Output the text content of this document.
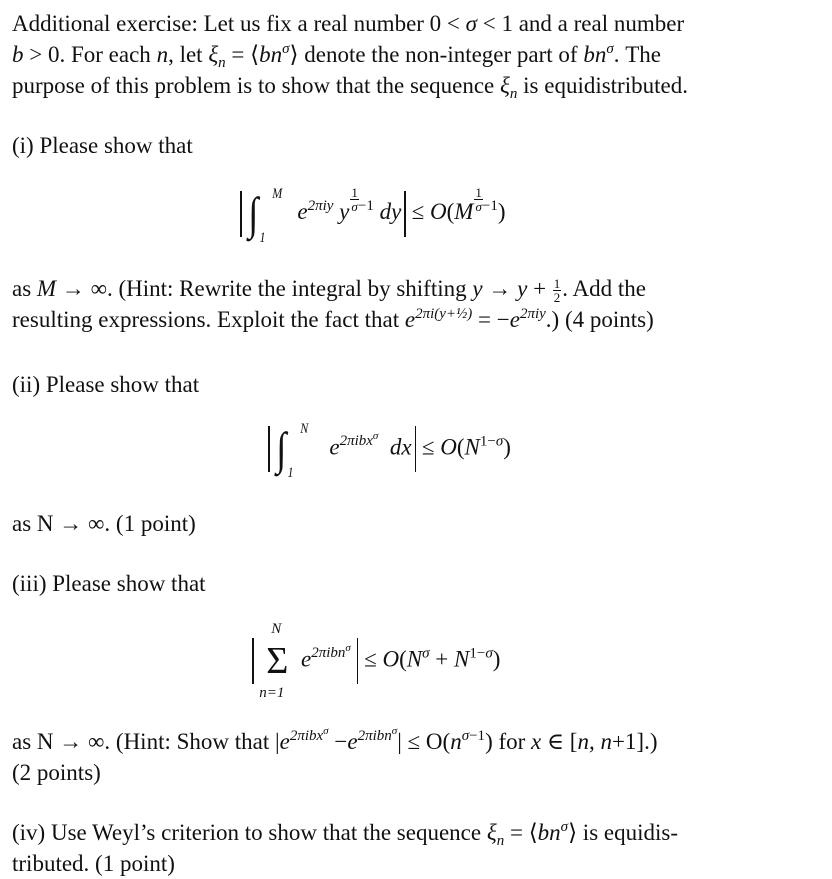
Additional exercise: Let us fix a real number 0 < σ < 1 and a real number
b > 0. For each n, let $\xi_n$ = $⟨bn^\sigma⟩$ denote the non-integer part of $bn^\sigma$. The
purpose of this problem is to show that the sequence $\xi_n$ is equidistributed.

(i) Please show that
∫ M
1
$e^{2\pi iy}$ y $\frac{1}{\sigma} ^{-1}$ dy ≤ $O(M \frac{1}{\sigma} ^{-1})$

as M → ∞. (Hint: Rewrite the integral by shifting $y \to y + \frac{1}{2}$ . Add the
resulting expressions. Exploit the fact that $e^{2\pi i(y+\frac{1}{2})} = -e^{2\pi iy}$.) (4 points)

(ii) Please show that
∫ N
1
$e^{2\pi ibx^\sigma}$ dx ≤ $O(N^{1-\sigma})$
as N → ∞. (1 point)
(iii) Please show that

N
Σ
n=1
$e^{2\pi ibn^\sigma} \le O(N^\sigma + N^{1-\sigma})$

as N → ∞. (Hint: Show that $|e^{2\pi ibx^\sigma} -e^{2\pi ibn^\sigma}| \le O(n^{\sigma-1})$ for x ∈ [n, n+1].)
(2 points)

(iv) Use Weyl’s criterion to show that the sequence $\xi_n$ = $⟨bn^\sigma⟩$ is equidis-
tributed. (1 point)
